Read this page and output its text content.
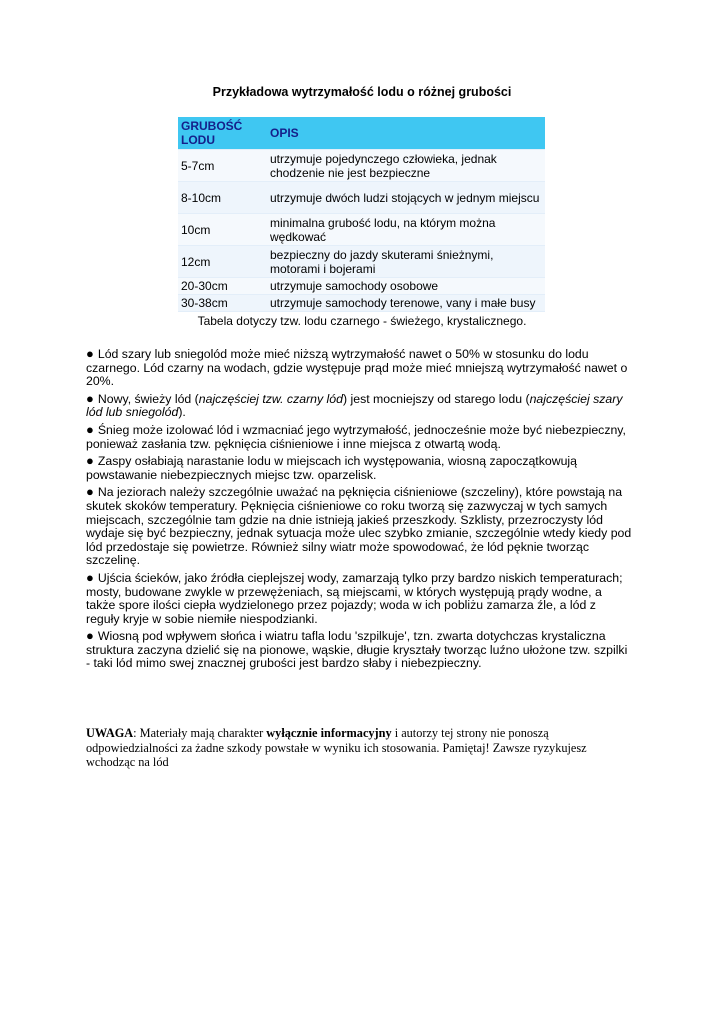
Przykładowa wytrzymałość lodu o różnej grubości
GRUBOŚĆ LODU	OPIS
5-7cm	utrzymuje pojedynczego człowieka, jednak chodzenie nie jest bezpieczne
8-10cm	utrzymuje dwóch ludzi stojących w jednym miejscu
10cm	minimalna grubość lodu, na którym można wędkować
12cm	bezpieczny do jazdy skuterami śnieżnymi, motorami i bojerami
20-30cm	utrzymuje samochody osobowe
30-38cm	utrzymuje samochody terenowe, vany i małe busy
Tabela dotyczy tzw. lodu czarnego - świeżego, krystalicznego.

● Lód szary lub sniegolód może mieć niższą wytrzymałość nawet o 50% w stosunku do lodu czarnego. Lód czarny na wodach, gdzie występuje prąd może mieć mniejszą wytrzymałość nawet o 20%.

● Nowy, świeży lód (najczęściej tzw. czarny lód) jest mocniejszy od starego lodu (najczęściej szary lód lub sniegolód).

● Śnieg może izolować lód i wzmacniać jego wytrzymałość, jednocześnie może być niebezpieczny, ponieważ zasłania tzw. pęknięcia ciśnieniowe i inne miejsca z otwartą wodą.

● Zaspy osłabiają narastanie lodu w miejscach ich występowania, wiosną zapoczątkowują powstawanie niebezpiecznych miejsc tzw. oparzelisk.

● Na jeziorach należy szczególnie uważać na pęknięcia ciśnieniowe (szczeliny), które powstają na skutek skoków temperatury. Pęknięcia ciśnieniowe co roku tworzą się zazwyczaj w tych samych miejscach, szczególnie tam gdzie na dnie istnieją jakieś przeszkody. Szklisty, przezroczysty lód wydaje się być bezpieczny, jednak sytuacja może ulec szybko zmianie, szczególnie wtedy kiedy pod lód przedostaje się powietrze. Również silny wiatr może spowodować, że lód pęknie tworząc szczelinę.

● Ujścia ścieków, jako źródła cieplejszej wody, zamarzają tylko przy bardzo niskich temperaturach; mosty, budowane zwykle w przewężeniach, są miejscami, w których występują prądy wodne, a także spore ilości ciepła wydzielonego przez pojazdy; woda w ich pobliżu zamarza źle, a lód z reguły kryje w sobie niemiłe niespodzianki.

● Wiosną pod wpływem słońca i wiatru tafla lodu 'szpilkuje', tzn. zwarta dotychczas krystaliczna struktura zaczyna dzielić się na pionowe, wąskie, długie kryształy tworząc luźno ułożone tzw. szpilki - taki lód mimo swej znacznej grubości jest bardzo słaby i niebezpieczny.

UWAGA: Materiały mają charakter wyłącznie informacyjny i autorzy tej strony nie ponoszą odpowiedzialności za żadne szkody powstałe w wyniku ich stosowania. Pamiętaj! Zawsze ryzykujesz wchodząc na lód
